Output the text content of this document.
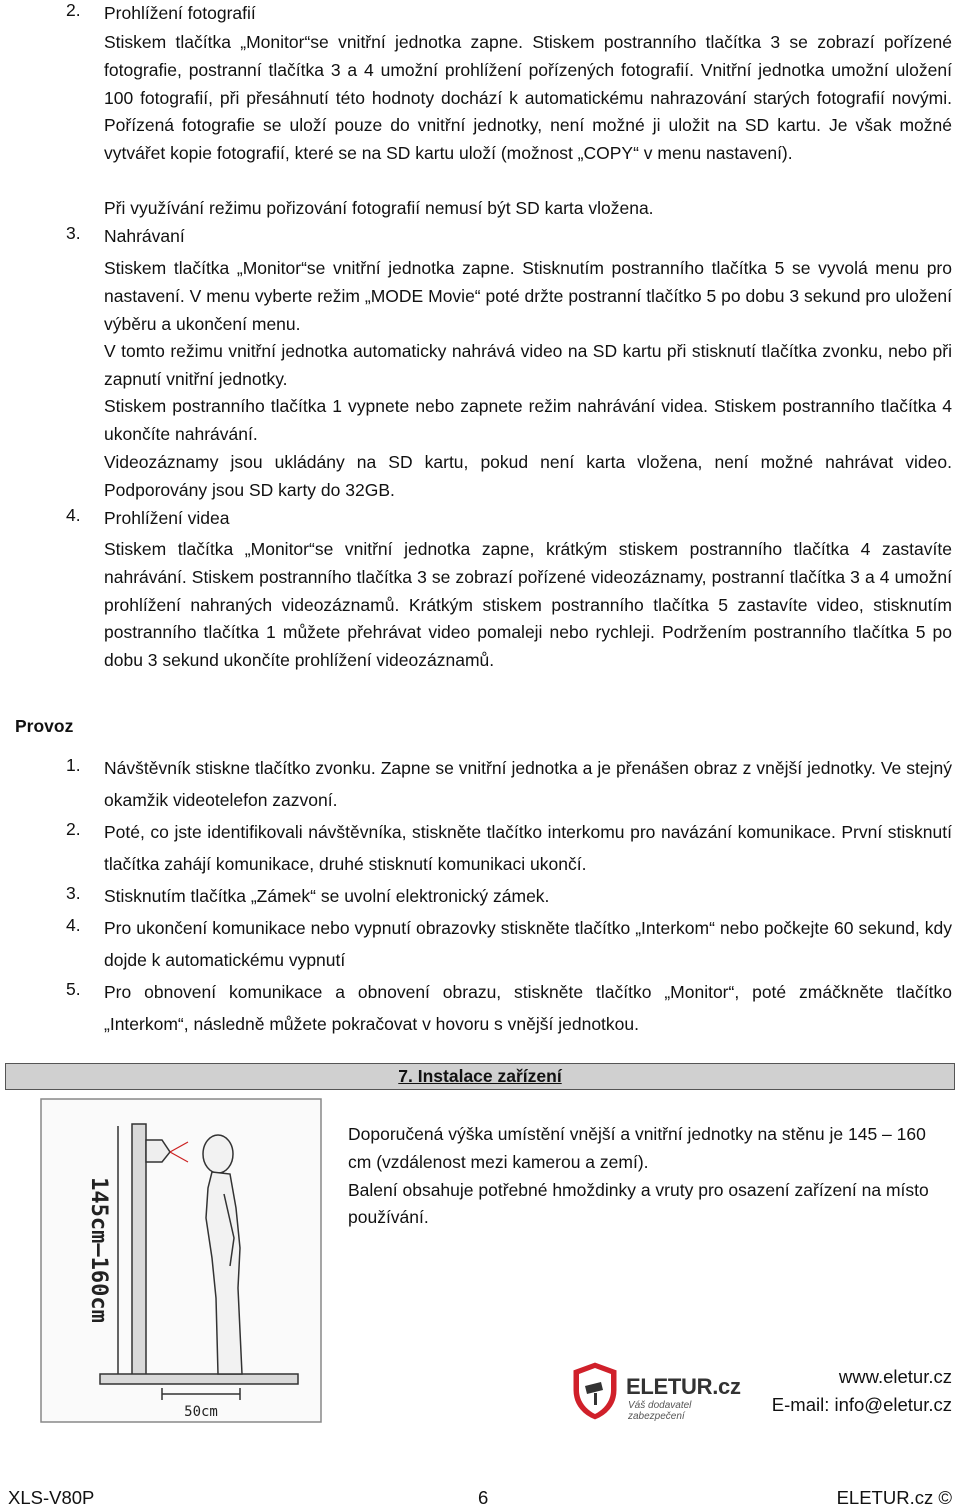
2. Prohlížení fotografií
Stiskem tlačítka „Monitor“se vnitřní jednotka zapne. Stiskem postranního tlačítka 3 se zobrazí pořízené fotografie, postranní tlačítka 3 a 4 umožní prohlížení pořízených fotografií. Vnitřní jednotka umožní uložení 100 fotografií, při přesáhnutí této hodnoty dochází k automatickému nahrazování starých fotografií novými. Pořízená fotografie se uloží pouze do vnitřní jednotky, není možné ji uložit na SD kartu. Je však možné vytvářet kopie fotografií, které se na SD kartu uloží (možnost „COPY“ v menu nastavení).
Při využívání režimu pořizování fotografií nemusí být SD karta vložena.
3. Nahrávaní
Stiskem tlačítka „Monitor“se vnitřní jednotka zapne. Stisknutím postranního tlačítka 5 se vyvolá menu pro nastavení. V menu vyberte režim „MODE Movie“ poté držte postranní tlačítko 5 po dobu 3 sekund pro uložení výběru a ukončení menu.
V tomto režimu vnitřní jednotka automaticky nahrává video na SD kartu při stisknutí tlačítka zvonku, nebo při zapnutí vnitřní jednotky.
Stiskem postranního tlačítka 1 vypnete nebo zapnete režim nahrávání videa. Stiskem postranního tlačítka 4 ukončíte nahrávání.
Videozáznamy jsou ukládány na SD kartu, pokud není karta vložena, není možné nahrávat video. Podporovány jsou SD karty do 32GB.
4. Prohlížení videa
Stiskem tlačítka „Monitor“se vnitřní jednotka zapne, krátkým stiskem postranního tlačítka 4 zastavíte nahrávání. Stiskem postranního tlačítka 3 se zobrazí pořízené videozáznamy, postranní tlačítka 3 a 4 umožní prohlížení nahraných videozáznamů. Krátkým stiskem postranního tlačítka 5 zastavíte video, stisknutím postranního tlačítka 1 můžete přehrávat video pomaleji nebo rychleji. Podržením postranního tlačítka 5 po dobu 3 sekund ukončíte prohlížení videozáznamů.
Provoz
1. Návštěvník stiskne tlačítko zvonku. Zapne se vnitřní jednotka a je přenášen obraz z vnější jednotky. Ve stejný okamžik videotelefon zazvoní.
2. Poté, co jste identifikovali návštěvníka, stiskněte tlačítko interkomu pro navázání komunikace. První stisknutí tlačítka zahájí komunikace, druhé stisknutí komunikaci ukončí.
3. Stisknutím tlačítka „Zámek“ se uvolní elektronický zámek.
4. Pro ukončení komunikace nebo vypnutí obrazovky stiskněte tlačítko „Interkom“ nebo počkejte 60 sekund, kdy dojde k automatickému vypnutí
5. Pro obnovení komunikace a obnovení obrazu, stiskněte tlačítko „Monitor“, poté zmáčkněte tlačítko „Interkom“, následně můžete pokračovat v hovoru s vnější jednotkou.
7. Instalace zařízení
145cm—160cm
50cm
Doporučená výška umístění vnější a vnitřní jednotky na stěnu je 145 – 160 cm (vzdálenost mezi kamerou a zemí).
Balení obsahuje potřebné hmoždinky a vruty pro osazení zařízení na místo používání.
ELETUR.cz
Váš dodavatel zabezpečení
www.eletur.cz
E-mail: info@eletur.cz
XLS-V80P	6	ELETUR.cz ©
